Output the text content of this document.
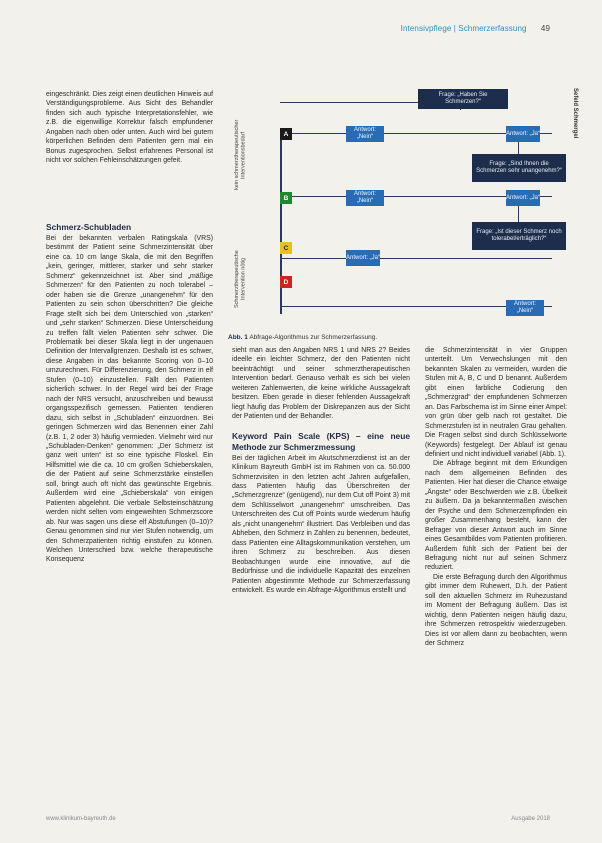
Intensivpflege | Schmerzerfassung 49
Sefeld Schmergel

eingeschränkt. Dies zeigt einen deutlichen Hinweis auf Verständigungsprobleme. Aus Sicht des Behandler finden sich auch typische Interpretationsfehler, wie z.B. die eigenwillige Korrektur falsch empfundener Angaben nach oben oder unten. Auch wird bei gutem körperlichen Befinden dem Patienten gern mal ein Bonus zugesprochen. Selbst erfahrenes Personal ist nicht vor solchen Fehleinschätzungen gefeit.

Schmerz-Schubladen

Bei der bekannten verbalen Ratingskala (VRS) bestimmt der Patient seine Schmerzintensität über eine ca. 10 cm lange Skala, die mit den Begriffen „kein, geringer, mittlerer, starker und sehr starker Schmerz“ gekennzeichnet ist. Aber sind „mäßige Schmerzen“ für den Patienten zu noch tolerabel – oder haben sie die Grenze „unangenehm“ für den Patienten zu sein schon überschritten? Die gleiche Frage stellt sich bei dem Unterschied von „starken“ und „sehr starken“ Schmerzen. Diese Unterscheidung zu treffen fällt vielen Patienten sehr schwer. Die Problematik bei dieser Skala liegt in der ungenauen Definition der Intervallgrenzen. Deshalb ist es schwer, diese Angaben in das bekannte Scoring von 0–10 umzurechnen. Für Differenzierung, den Schmerz in elf Stufen (0–10) einzustellen. Fällt den Patienten sicherlich schwer. In der Regel wird bei der Frage nach der NRS versucht, anzuschreiben und bewusst organgsspezifisch gemessen. Patienten tendieren dazu, sich selbst in „Schubladen“ einzuordnen. Bei geringen Schmerzen wird das Benennen einer Zahl (z.B. 1, 2 oder 3) häufig vermieden. Vielmehr wird nur „Schubladen-Denken“ genommen: „Der Schmerz ist ganz weit unten“ ist so eine typische Floskel. Ein Hilfsmittel wie die ca. 10 cm großen Schieberskalen, die der Patient auf seine Schmerzstärke einstellen soll, bringt auch oft nicht das gewünschte Ergebnis. Außerdem wird eine „Schieberskala“ von einigen Patienten abgelehnt. Die verbale Selbsteinschätzung werden nicht selten vom eingeweihten Schmerzscore ab. Nur was sagen uns diese elf Abstufungen (0–10)? Genau genommen sind nur vier Stufen notwendig, um den Schmerzpatienten richtig einstufen zu können. Welchen Unterschied bzw. welche therapeutische Konsequenz

kein schmerztherapeutischer Interventionsbedarf
Schmerztherapeutische Intervention nötig
Frage: „Haben Sie Schmerzen?“
Frage: „Sind Ihnen die Schmerzen sehr unangenehm?“
Frage: „Ist dieser Schmerz noch tolerabel/erträglich?“
Antwort: „Nein“
Antwort: „Ja“
Antwort: „Nein“
Antwort: „Ja“
Antwort: „Ja“
Antwort: „Nein“
A
B
C
D
Abb. 1 Abfrage-Algorithmus zur Schmerzerfassung.

sieht man aus den Angaben NRS 1 und NRS 2? Beides ideelle ein leichter Schmerz, der den Patienten nicht beeinträchtigt und seiner schmerztherapeutischen Intervention bedarf. Genauso verhält es sich bei vielen weiteren Zahlenwerten, die keine wirkliche Aussagekraft besitzen. Eben gerade in dieser fehlenden Aussagekraft liegt häufig das Problem der Diskrepanzen aus der Sicht der Patienten und der Behandler.

Keyword Pain Scale (KPS) – eine neue Methode zur Schmerzmessung

Bei der täglichen Arbeit im Akutschmerzdienst ist an der Klinikum Bayreuth GmbH ist im Rahmen von ca. 50.000 Schmerzvisiten in den letzten acht Jahren aufgefallen, dass Patienten häufig das Überschreiten der „Schmerzgrenze“ (genügend), nur dem Cut off Point 3) mit dem Schlüsselwort „unangenehm“ umschreiben. Das Unterschreiten des Cut off Points wurde wiederum häufig als „nicht unangenehm“ illustriert. Das Verbleiben und das Abheben, den Schmerz in Zahlen zu benennen, bedeutet, dass Patienten eine Alltagskommunikation verstehen, um ihren Schmerz zu beschreiben. Aus diesen Beobachtungen wurde eine innovative, auf die Bedürfnisse und die individuelle Kapazität des einzelnen Patienten abgestimmte Methode zur Schmerzerfassung entwickelt. Es wurde ein Abfrage-Algorithmus erstellt und

die Schmerzintensität in vier Gruppen unterteilt. Um Verwechslungen mit den bekannten Skalen zu vermeiden, wurden die Stufen mit A, B, C und D benannt. Außerdem gibt einen farbliche Codierung den „Schmerzgrad“ der empfundenen Schmerzen an. Das Farbschema ist im Sinne einer Ampel: von grün über gelb nach rot gestaltet. Die Schmerzstufen ist in neutralen Grau gehalten. Die Fragen selbst sind durch Schlüsselworte (Keywords) festgelegt. Der Ablauf ist genau definiert und nicht individuell variabel (Abb. 1).

Die Abfrage beginnt mit dem Erkundigen nach dem allgemeinen Befinden des Patienten. Hier hat dieser die Chance etwaige „Ängste“ oder Beschwerden wie z.B. Übelkeit zu äußern. Da ja bekanntermaßen zwischen der Psyche und dem Schmerzempfinden ein großer Zusammenhang besteht, kann der Befrager von dieser Antwort auch im Sinne eines Gesamtbildes vom Patienten profitieren. Außerdem fühlt sich der Patient bei der Befragung nicht nur auf seinen Schmerz reduziert.

Die erste Befragung durch den Algorithmus gibt immer dem Ruhewert, D.h. der Patient soll den aktuellen Schmerz im Ruhezustand im Moment der Befragung äußern. Das ist wichtig, denn Patienten neigen häufig dazu, ihre Schmerzen retrospektiv wiederzugeben. Dies ist vor allem dann zu beobachten, wenn der Schmerz

www.klinikum-bayreuth.de	Ausgabe 2018
